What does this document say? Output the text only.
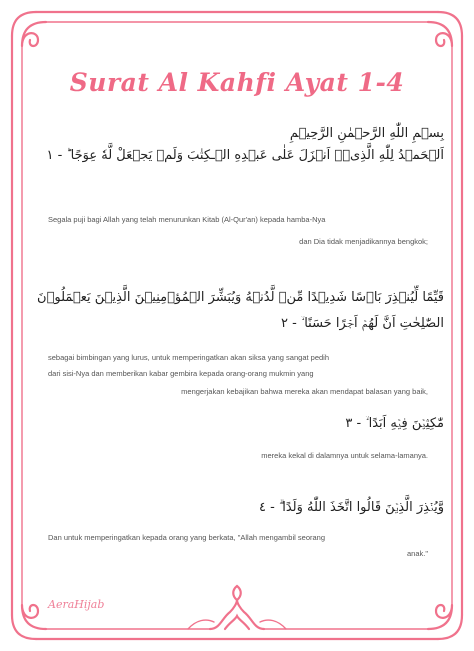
Surat Al Kahfi Ayat 1-4
بِسۡمِ اللّٰهِ الرَّحۡمٰنِ الرَّحِيۡمِ
اَلۡحَمۡدُ لِلّٰهِ الَّذِىۡۤ اَنۡزَلَ عَلٰى عَبۡدِهِ الۡـكِتٰبَ وَلَمۡ يَجۡعَلْ لَّهٗ عِوَجًا ؕ‏ - ١
Segala puji bagi Allah yang telah menurunkan Kitab (Al-Qur'an) kepada hamba-Nya
dan Dia tidak menjadikannya bengkok;
قَيِّمًا لِّيُنۡذِرَ بَاۡسًا شَدِيۡدًا مِّنۡ لَّدُنۡهُ وَيُبَشِّرَ الۡمُؤۡمِنِيۡنَ الَّذِيۡنَ يَعۡمَلُوۡنَ
الصّٰلِحٰتِ اَنَّ لَهُمۡ اَجۡرًا حَسَنًا ۙ - ٢
sebagai bimbingan yang lurus, untuk memperingatkan akan siksa yang sangat pedih
dari sisi-Nya dan memberikan kabar gembira kepada orang-orang mukmin yang
mengerjakan kebajikan bahwa mereka akan mendapat balasan yang baik,
مّٰكِثِيۡنَ فِيۡهِ اَبَدًا ۙ - ٣
mereka kekal di dalamnya untuk selama-lamanya.
وَّيُنۡذِرَ الَّذِيۡنَ قَالُوا اتَّخَذَ اللّٰهُ وَلَدًا ۗ - ٤
Dan untuk memperingatkan kepada orang yang berkata, "Allah mengambil seorang
anak."
AeraHijab
